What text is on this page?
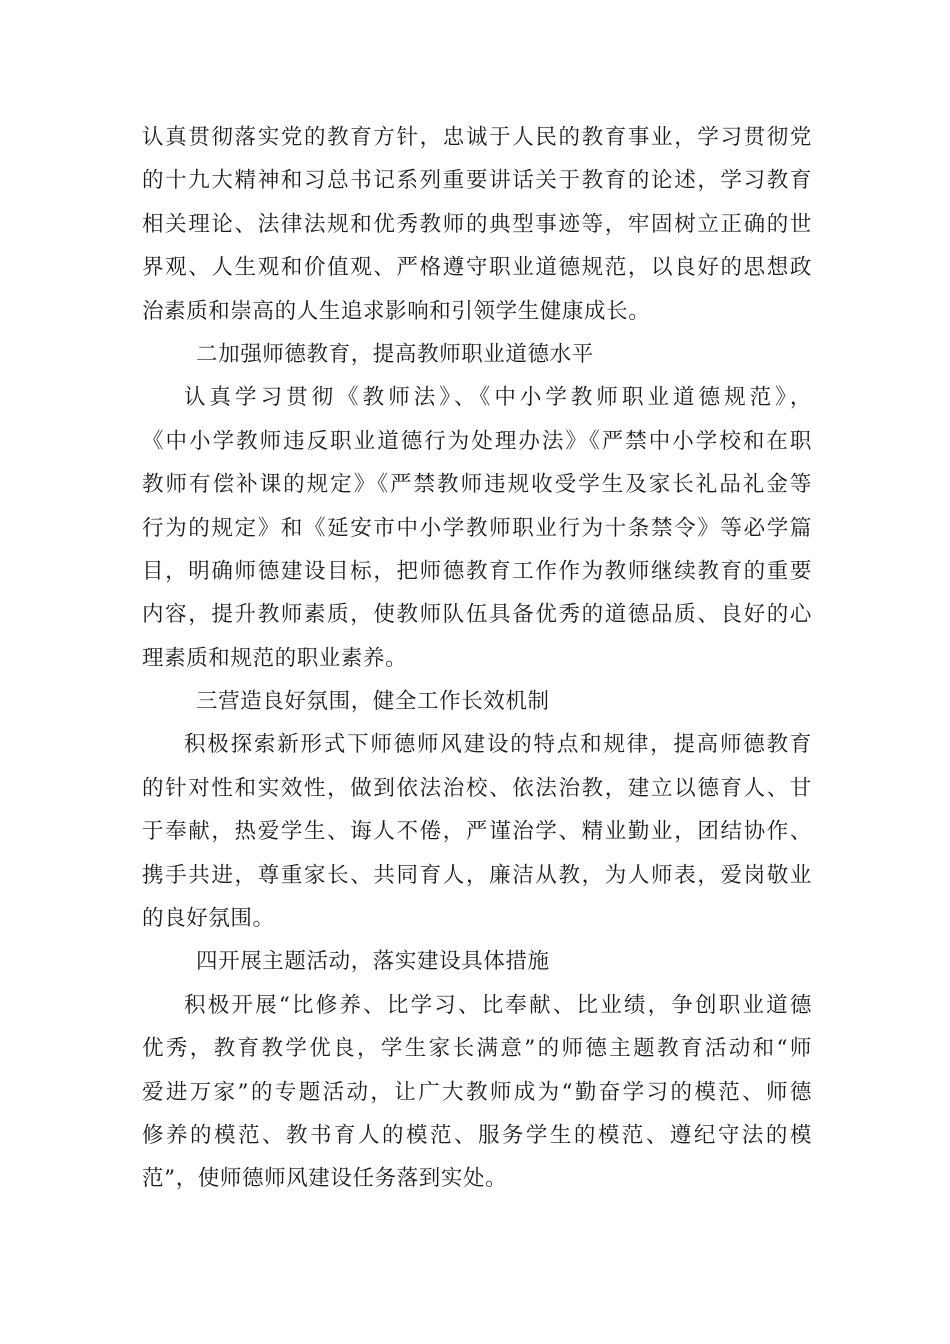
认真贯彻落实党的教育方针，忠诚于人民的教育事业，学习贯彻党
的十九大精神和习总书记系列重要讲话关于教育的论述，学习教育
相关理论、法律法规和优秀教师的典型事迹等，牢固树立正确的世
界观、人生观和价值观、严格遵守职业道德规范，以良好的思想政
治素质和崇高的人生追求影响和引领学生健康成长。
二加强师德教育，提高教师职业道德水平
认真学习贯彻《教师法》、《中小学教师职业道德规范》，
《中小学教师违反职业道德行为处理办法》《严禁中小学校和在职
教师有偿补课的规定》《严禁教师违规收受学生及家长礼品礼金等
行为的规定》和《延安市中小学教师职业行为十条禁令》等必学篇
目，明确师德建设目标，把师德教育工作作为教师继续教育的重要
内容，提升教师素质，使教师队伍具备优秀的道德品质、良好的心
理素质和规范的职业素养。
三营造良好氛围，健全工作长效机制
积极探索新形式下师德师风建设的特点和规律，提高师德教育
的针对性和实效性，做到依法治校、依法治教，建立以德育人、甘
于奉献，热爱学生、诲人不倦，严谨治学、精业勤业，团结协作、
携手共进，尊重家长、共同育人，廉洁从教，为人师表，爱岗敬业
的良好氛围。
四开展主题活动，落实建设具体措施
积极开展“比修养、比学习、比奉献、比业绩，争创职业道德
优秀，教育教学优良，学生家长满意”的师德主题教育活动和“师
爱进万家”的专题活动，让广大教师成为“勤奋学习的模范、师德
修养的模范、教书育人的模范、服务学生的模范、遵纪守法的模
范”，使师德师风建设任务落到实处。
